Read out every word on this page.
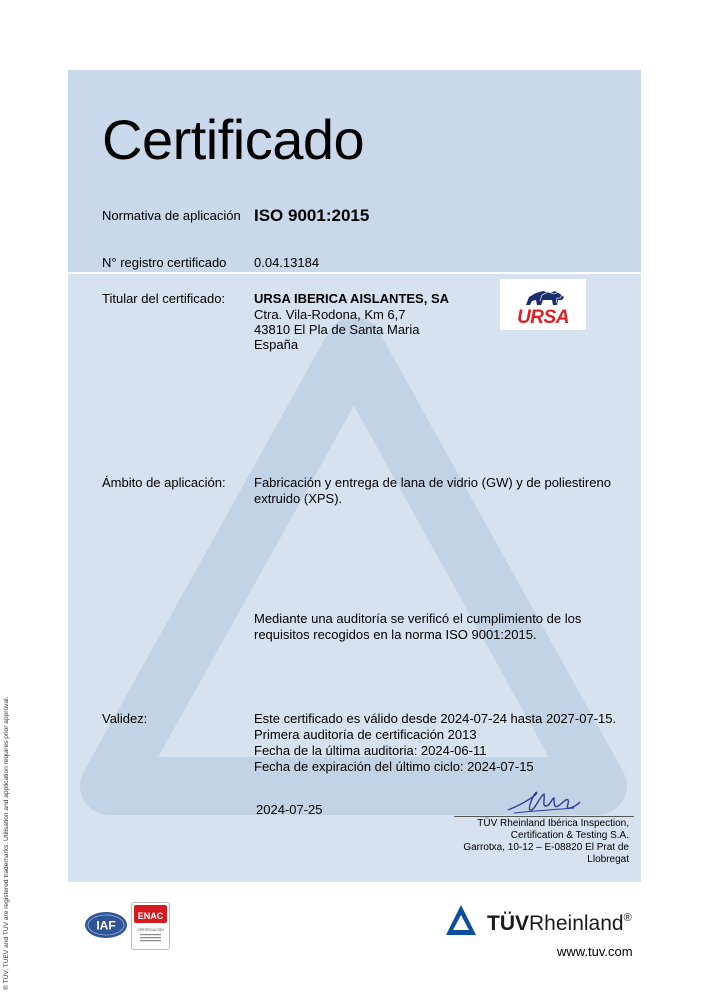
® TÜV, TUEV and TUV are registered trademarks. Utilisation and application requires prior approval.
Certificado
Normativa de aplicación ISO 9001:2015
N° registro certificado 0.04.13184
Titular del certificado: URSA IBERICA AISLANTES, SA
Ctra. Vila-Rodona, Km 6,7
43810 El Pla de Santa Maria
España
URSA
Ámbito de aplicación: Fabricación y entrega de lana de vidrio (GW) y de poliestireno
extruido (XPS).
Mediante una auditoría se verificó el cumplimiento de los
requisitos recogidos en la norma ISO 9001:2015.
Validez:	Este certificado es válido desde 2024-07-24 hasta 2027-07-15.
Primera auditoría de certificación 2013
Fecha de la última auditoria: 2024-06-11
Fecha de expiración del último ciclo: 2024-07-15
2024-07-25
TÜV Rheinland Ibérica Inspection,
Certification & Testing S.A.
Garrotxa, 10-12 – E-08820 El Prat de
Llobregat
IAF
ENAC
CERTIFICACIÓN	TÜVRheinland®
www.tuv.com
